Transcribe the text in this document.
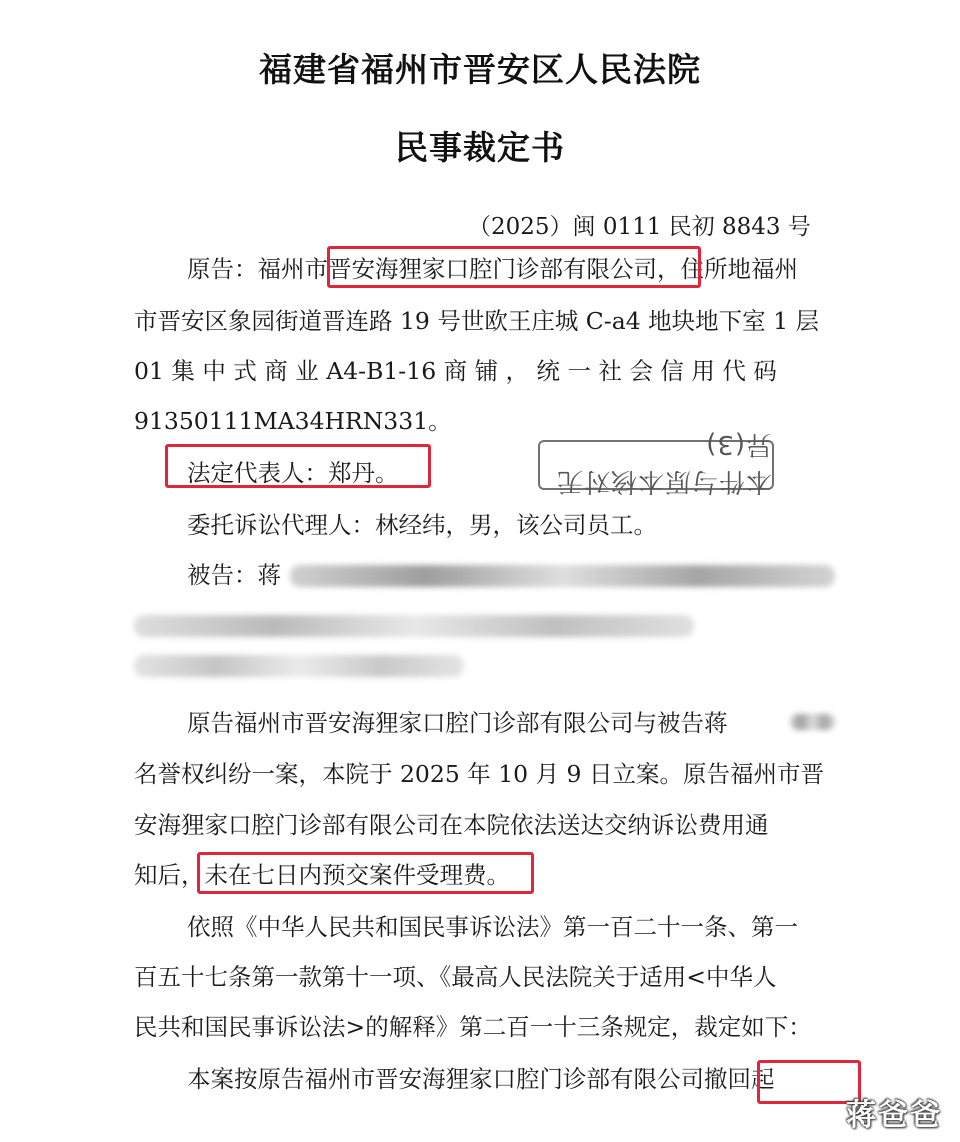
福建省福州市晋安区人民法院
民事裁定书
（2025）闽 0111 民初 8843 号
原告：福州市晋安海狸家口腔门诊部有限公司，住所地福州
市晋安区象园街道晋连路 19 号世欧王庄城 C-a4 地块地下室 1 层
01 集 中 式 商 业 A4-B1-16 商 铺 ， 统 一 社 会 信 用 代 码
91350111MA34HRN331。
法定代表人：郑丹。	本件与原本核对无异(3)
委托诉讼代理人：林经纬，男，该公司员工。
被告：蒋
原告福州市晋安海狸家口腔门诊部有限公司与被告蒋
名誉权纠纷一案，本院于 2025 年 10 月 9 日立案。原告福州市晋
安海狸家口腔门诊部有限公司在本院依法送达交纳诉讼费用通
知后，未在七日内预交案件受理费。
依照《中华人民共和国民事诉讼法》第一百二十一条、第一
百五十七条第一款第十一项、《最高人民法院关于适用<中华人
民共和国民事诉讼法>的解释》第二百一十三条规定，裁定如下：
本案按原告福州市晋安海狸家口腔门诊部有限公司撤回起
蒋爸爸
